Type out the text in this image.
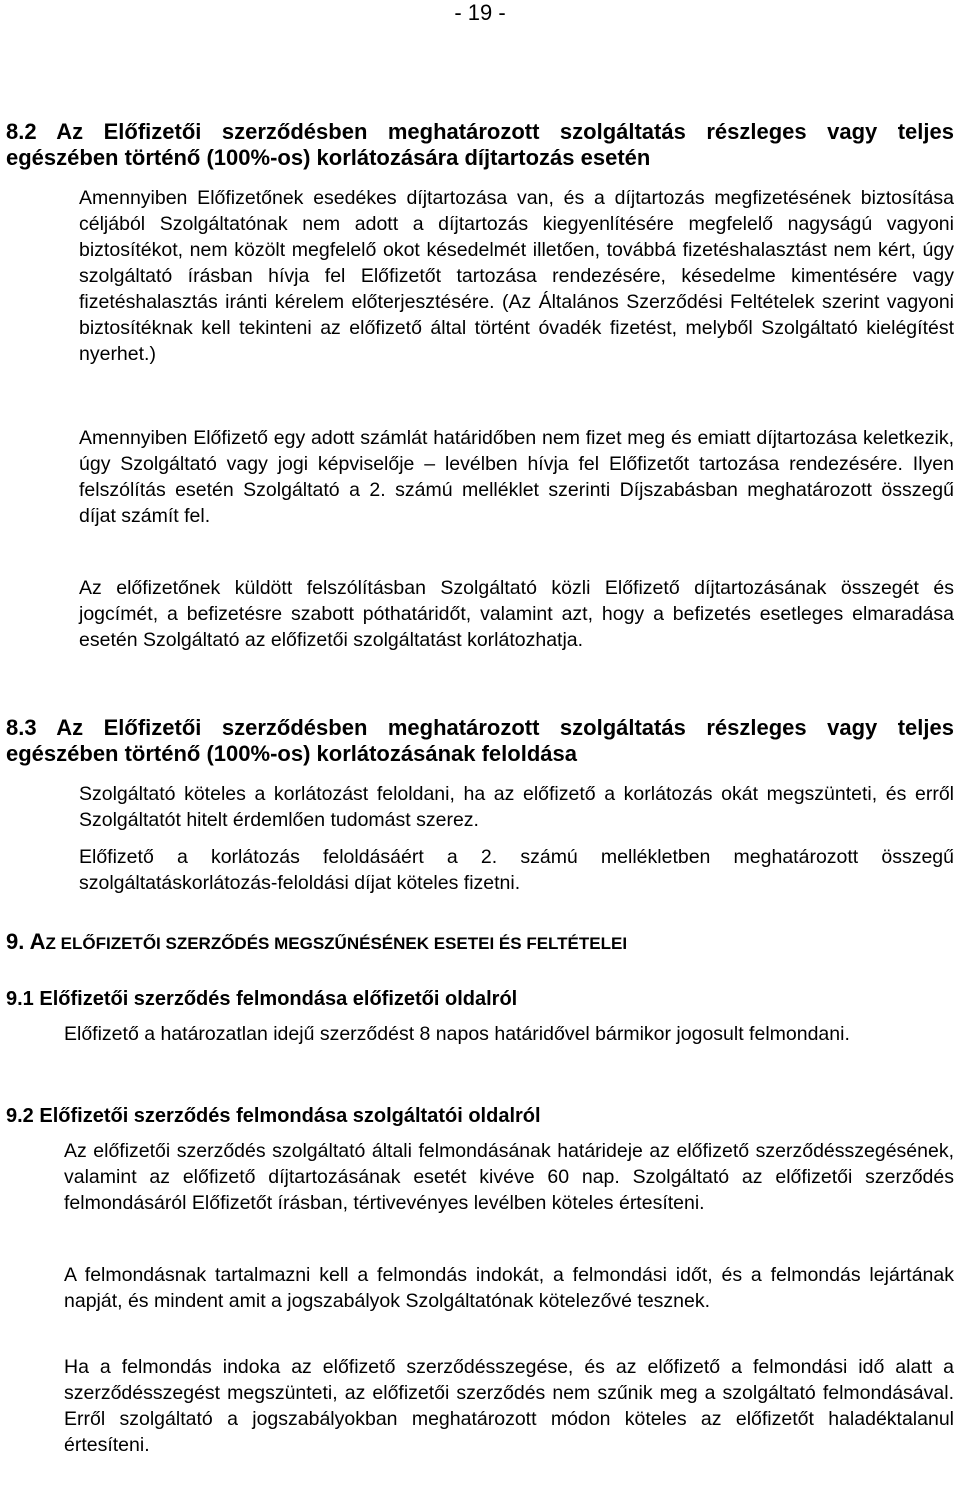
- 19 -
8.2 Az Előfizetői szerződésben meghatározott szolgáltatás részleges vagy teljes egészében történő (100%-os) korlátozására díjtartozás esetén
Amennyiben Előfizetőnek esedékes díjtartozása van, és a díjtartozás megfizetésének biztosítása céljából Szolgáltatónak nem adott a díjtartozás kiegyenlítésére megfelelő nagyságú vagyoni biztosítékot, nem közölt megfelelő okot késedelmét illetően, továbbá fizetéshalasztást nem kért, úgy szolgáltató írásban hívja fel Előfizetőt tartozása rendezésére, késedelme kimentésére vagy fizetéshalasztás iránti kérelem előterjesztésére. (Az Általános Szerződési Feltételek szerint vagyoni biztosítéknak kell tekinteni az előfizető által történt óvadék fizetést, melyből Szolgáltató kielégítést nyerhet.)
Amennyiben Előfizető egy adott számlát határidőben nem fizet meg és emiatt díjtartozása keletkezik, úgy Szolgáltató vagy jogi képviselője – levélben hívja fel Előfizetőt tartozása rendezésére. Ilyen felszólítás esetén Szolgáltató a 2. számú melléklet szerinti Díjszabásban meghatározott összegű díjat számít fel.
Az előfizetőnek küldött felszólításban Szolgáltató közli Előfizető díjtartozásának összegét és jogcímét, a befizetésre szabott póthatáridőt, valamint azt, hogy a befizetés esetleges elmaradása esetén Szolgáltató az előfizetői szolgáltatást korlátozhatja.
8.3 Az Előfizetői szerződésben meghatározott szolgáltatás részleges vagy teljes egészében történő (100%-os) korlátozásának feloldása
Szolgáltató köteles a korlátozást feloldani, ha az előfizető a korlátozás okát megszünteti, és erről Szolgáltatót hitelt érdemlően tudomást szerez.
Előfizető a korlátozás feloldásáért a 2. számú mellékletben meghatározott összegű szolgáltatáskorlátozás-feloldási díjat köteles fizetni.
9. AZ ELŐFIZETŐI SZERZŐDÉS MEGSZŰNÉSÉNEK ESETEI ÉS FELTÉTELEI
9.1 Előfizetői szerződés felmondása előfizetői oldalról
Előfizető a határozatlan idejű szerződést 8 napos határidővel bármikor jogosult felmondani.
9.2 Előfizetői szerződés felmondása szolgáltatói oldalról
Az előfizetői szerződés szolgáltató általi felmondásának határideje az előfizető szerződésszegésének, valamint az előfizető díjtartozásának esetét kivéve 60 nap. Szolgáltató az előfizetői szerződés felmondásáról Előfizetőt írásban, tértivevényes levélben köteles értesíteni.
A felmondásnak tartalmazni kell a felmondás indokát, a felmondási időt, és a felmondás lejártának napját, és mindent amit a jogszabályok Szolgáltatónak kötelezővé tesznek.
Ha a felmondás indoka az előfizető szerződésszegése, és az előfizető a felmondási idő alatt a szerződésszegést megszünteti, az előfizetői szerződés nem szűnik meg a szolgáltató felmondásával. Erről szolgáltató a jogszabályokban meghatározott módon köteles az előfizetőt haladéktalanul értesíteni.
